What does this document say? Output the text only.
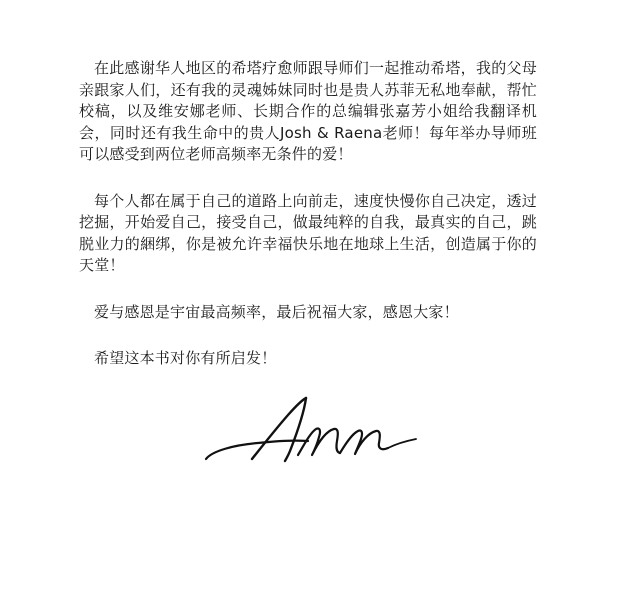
在此感谢华人地区的希塔疗愈师跟导师们一起推动希塔，我的父母亲跟家人们，还有我的灵魂姊妹同时也是贵人苏菲无私地奉献，帮忙校稿，以及维安娜老师、长期合作的总编辑张嘉芳小姐给我翻译机会，同时还有我生命中的贵人Josh & Raena老师！每年举办导师班可以感受到两位老师高频率无条件的爱！

每个人都在属于自己的道路上向前走，速度快慢你自己决定，透过挖掘，开始爱自己，接受自己，做最纯粹的自我，最真实的自己，跳脱业力的綑绑，你是被允许幸福快乐地在地球上生活，创造属于你的天堂！

爱与感恩是宇宙最高频率，最后祝福大家，感恩大家！

希望这本书对你有所启发！
